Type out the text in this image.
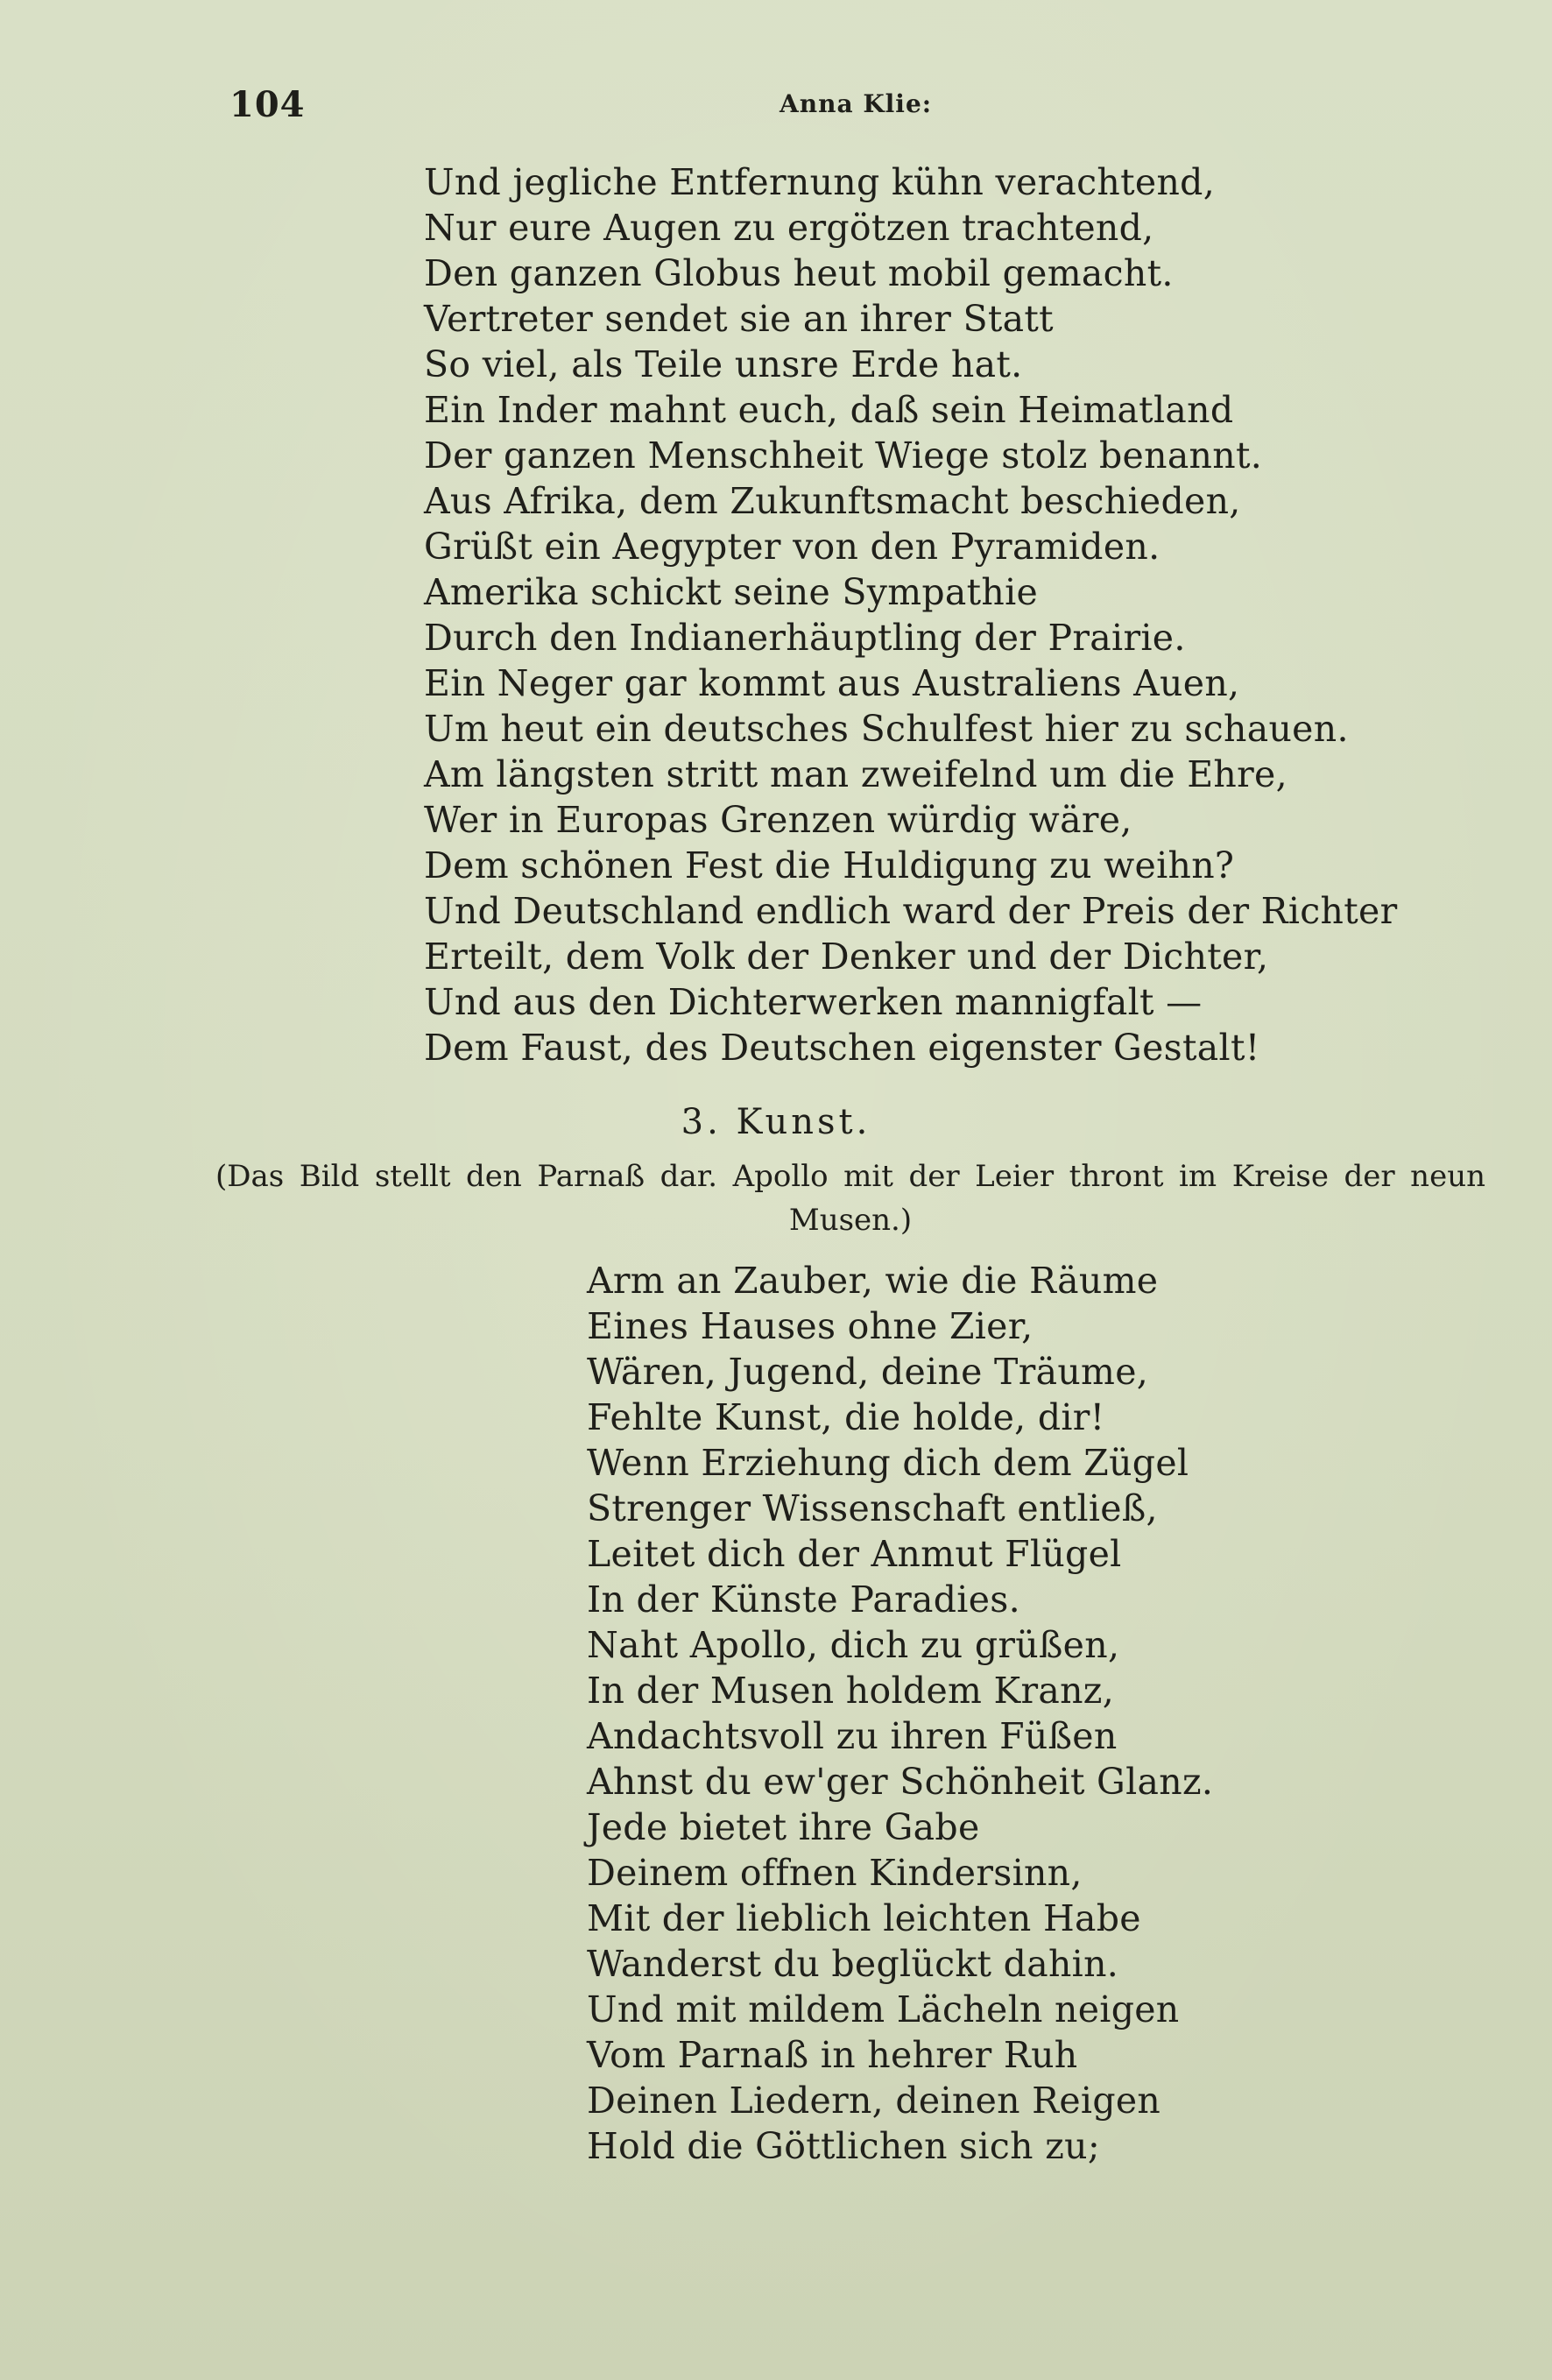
104	Anna Klie:
Und jegliche Entfernung kühn verachtend,
Nur eure Augen zu ergötzen trachtend,
Den ganzen Globus heut mobil gemacht.
Vertreter sendet sie an ihrer Statt
So viel, als Teile unsre Erde hat.
Ein Inder mahnt euch, daß sein Heimatland
Der ganzen Menschheit Wiege stolz benannt.
Aus Afrika, dem Zukunftsmacht beschieden,
Grüßt ein Aegypter von den Pyramiden.
Amerika schickt seine Sympathie
Durch den Indianerhäuptling der Prairie.
Ein Neger gar kommt aus Australiens Auen,
Um heut ein deutsches Schulfest hier zu schauen.
Am längsten stritt man zweifelnd um die Ehre,
Wer in Europas Grenzen würdig wäre,
Dem schönen Fest die Huldigung zu weihn?
Und Deutschland endlich ward der Preis der Richter
Erteilt, dem Volk der Denker und der Dichter,
Und aus den Dichterwerken mannigfalt —
Dem Faust, des Deutschen eigenster Gestalt!
3. Kunst.
(Das Bild stellt den Parnaß dar. Apollo mit der Leier thront im Kreise der neun Musen.)
Arm an Zauber, wie die Räume
Eines Hauses ohne Zier,
Wären, Jugend, deine Träume,
Fehlte Kunst, die holde, dir!
Wenn Erziehung dich dem Zügel
Strenger Wissenschaft entließ,
Leitet dich der Anmut Flügel
In der Künste Paradies.
Naht Apollo, dich zu grüßen,
In der Musen holdem Kranz,
Andachtsvoll zu ihren Füßen
Ahnst du ew'ger Schönheit Glanz.
Jede bietet ihre Gabe
Deinem offnen Kindersinn,
Mit der lieblich leichten Habe
Wanderst du beglückt dahin.
Und mit mildem Lächeln neigen
Vom Parnaß in hehrer Ruh
Deinen Liedern, deinen Reigen
Hold die Göttlichen sich zu;
